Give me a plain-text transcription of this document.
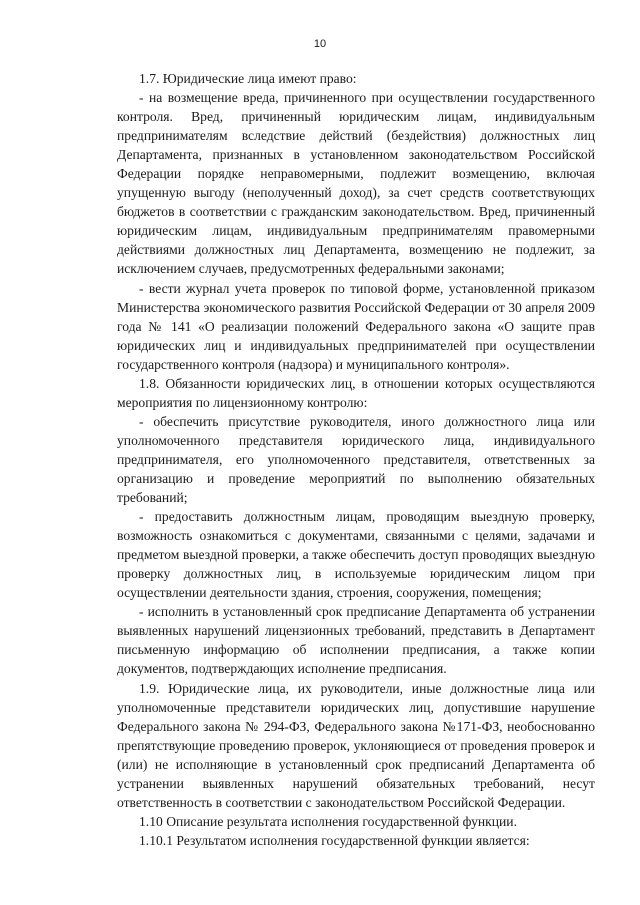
10

1.7. Юридические лица имеют право:

- на возмещение вреда, причиненного при осуществлении государственного контроля. Вред, причиненный юридическим лицам, индивидуальным предпринимателям вследствие действий (бездействия) должностных лиц Департамента, признанных в установленном законодательством Российской Федерации порядке неправомерными, подлежит возмещению, включая упущенную выгоду (неполученный доход), за счет средств соответствующих бюджетов в соответствии с гражданским законодательством. Вред, причиненный юридическим лицам, индивидуальным предпринимателям правомерными действиями должностных лиц Департамента, возмещению не подлежит, за исключением случаев, предусмотренных федеральными законами;

- вести журнал учета проверок по типовой форме, установленной приказом Министерства экономического развития Российской Федерации от 30 апреля 2009 года № 141 «О реализации положений Федерального закона «О защите прав юридических лиц и индивидуальных предпринимателей при осуществлении государственного контроля (надзора) и муниципального контроля».

1.8. Обязанности юридических лиц, в отношении которых осуществляются мероприятия по лицензионному контролю:

- обеспечить присутствие руководителя, иного должностного лица или уполномоченного представителя юридического лица, индивидуального предпринимателя, его уполномоченного представителя, ответственных за организацию и проведение мероприятий по выполнению обязательных требований;

- предоставить должностным лицам, проводящим выездную проверку, возможность ознакомиться с документами, связанными с целями, задачами и предметом выездной проверки, а также обеспечить доступ проводящих выездную проверку должностных лиц, в используемые юридическим лицом при осуществлении деятельности здания, строения, сооружения, помещения;

- исполнить в установленный срок предписание Департамента об устранении выявленных нарушений лицензионных требований, представить в Департамент письменную информацию об исполнении предписания, а также копии документов, подтверждающих исполнение предписания.

1.9. Юридические лица, их руководители, иные должностные лица или уполномоченные представители юридических лиц, допустившие нарушение Федерального закона № 294-ФЗ, Федерального закона №171-ФЗ, необоснованно препятствующие проведению проверок, уклоняющиеся от проведения проверок и (или) не исполняющие в установленный срок предписаний Департамента об устранении выявленных нарушений обязательных требований, несут ответственность в соответствии с законодательством Российской Федерации.

1.10 Описание результата исполнения государственной функции.

1.10.1 Результатом исполнения государственной функции является:
